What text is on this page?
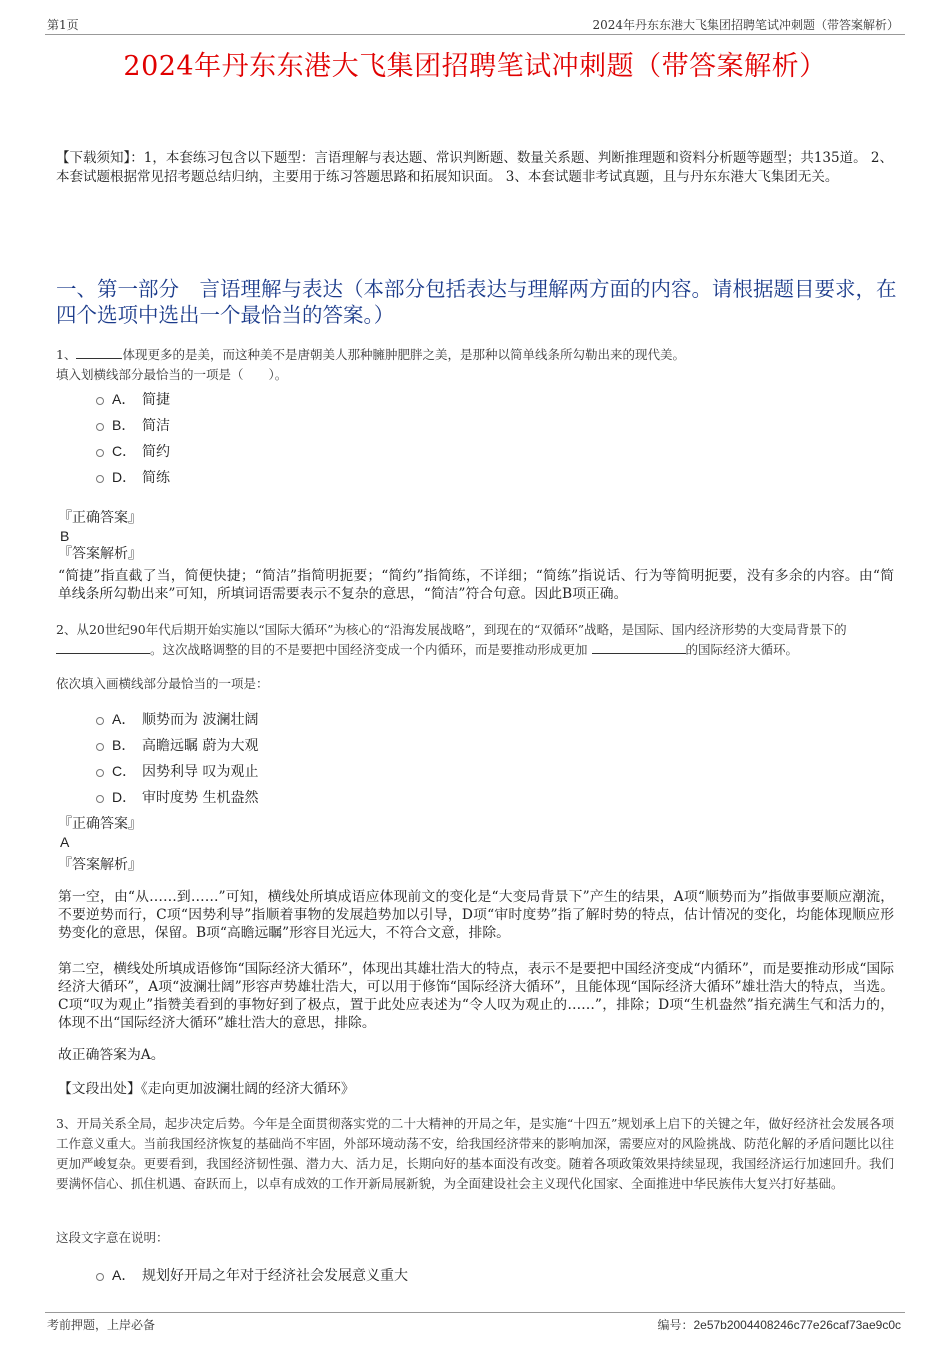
第1页	2024年丹东东港大飞集团招聘笔试冲刺题（带答案解析）
2024年丹东东港大飞集团招聘笔试冲刺题（带答案解析）
【下载须知】：1，本套练习包含以下题型：言语理解与表达题、常识判断题、数量关系题、判断推理题和资料分析题等题型；共135道。 2、本套试题根据常见招考题总结归纳，主要用于练习答题思路和拓展知识面。 3、本套试题非考试真题，且与丹东东港大飞集团无关。
一、第一部分　言语理解与表达（本部分包括表达与理解两方面的内容。请根据题目要求，在四个选项中选出一个最恰当的答案。）
1、	体现更多的是美，而这种美不是唐朝美人那种臃肿肥胖之美，是那种以简单线条所勾勒出来的现代美。
填入划横线部分最恰当的一项是（　　）。
A． 简捷
B． 简洁
C． 简约
D． 简练
『正确答案』
B
『答案解析』
“简捷”指直截了当，简便快捷；“简洁”指简明扼要；“简约”指简练，不详细；“简练”指说话、行为等简明扼要，没有多余的内容。由“简单线条所勾勒出来”可知，所填词语需要表示不复杂的意思，“简洁”符合句意。因此B项正确。
2、从20世纪90年代后期开始实施以“国际大循环”为核心的“沿海发展战略”，到现在的“双循环”战略，是国际、国内经济形势的大变局背景下的
。这次战略调整的目的不是要把中国经济变成一个内循环，而是要推动形成更加	的国际经济大循环。
依次填入画横线部分最恰当的一项是：
A． 顺势而为 波澜壮阔
B． 高瞻远瞩 蔚为大观
C． 因势利导 叹为观止
D． 审时度势 生机盎然
『正确答案』
A
『答案解析』
第一空，由“从……到……”可知，横线处所填成语应体现前文的变化是“大变局背景下”产生的结果，A项“顺势而为”指做事要顺应潮流，不要逆势而行，C项“因势利导”指顺着事物的发展趋势加以引导，D项“审时度势”指了解时势的特点，估计情况的变化，均能体现顺应形势变化的意思，保留。B项“高瞻远瞩”形容目光远大，不符合文意，排除。
第二空，横线处所填成语修饰“国际经济大循环”，体现出其雄壮浩大的特点，表示不是要把中国经济变成“内循环”，而是要推动形成“国际经济大循环”，A项“波澜壮阔”形容声势雄壮浩大，可以用于修饰“国际经济大循环”，且能体现“国际经济大循环”雄壮浩大的特点，当选。C项“叹为观止”指赞美看到的事物好到了极点，置于此处应表述为“令人叹为观止的……”，排除；D项“生机盎然”指充满生气和活力的，体现不出“国际经济大循环”雄壮浩大的意思，排除。
故正确答案为A。
【文段出处】《走向更加波澜壮阔的经济大循环》
3、开局关系全局，起步决定后势。今年是全面贯彻落实党的二十大精神的开局之年，是实施“十四五”规划承上启下的关键之年，做好经济社会发展各项工作意义重大。当前我国经济恢复的基础尚不牢固，外部环境动荡不安，给我国经济带来的影响加深，需要应对的风险挑战、防范化解的矛盾问题比以往更加严峻复杂。更要看到，我国经济韧性强、潜力大、活力足，长期向好的基本面没有改变。随着各项政策效果持续显现，我国经济运行加速回升。我们要满怀信心、抓住机遇、奋跃而上，以卓有成效的工作开新局展新貌，为全面建设社会主义现代化国家、全面推进中华民族伟大复兴打好基础。
这段文字意在说明：
A． 规划好开局之年对于经济社会发展意义重大
考前押题，上岸必备	编号：2e57b2004408246c77e26caf73ae9c0c
